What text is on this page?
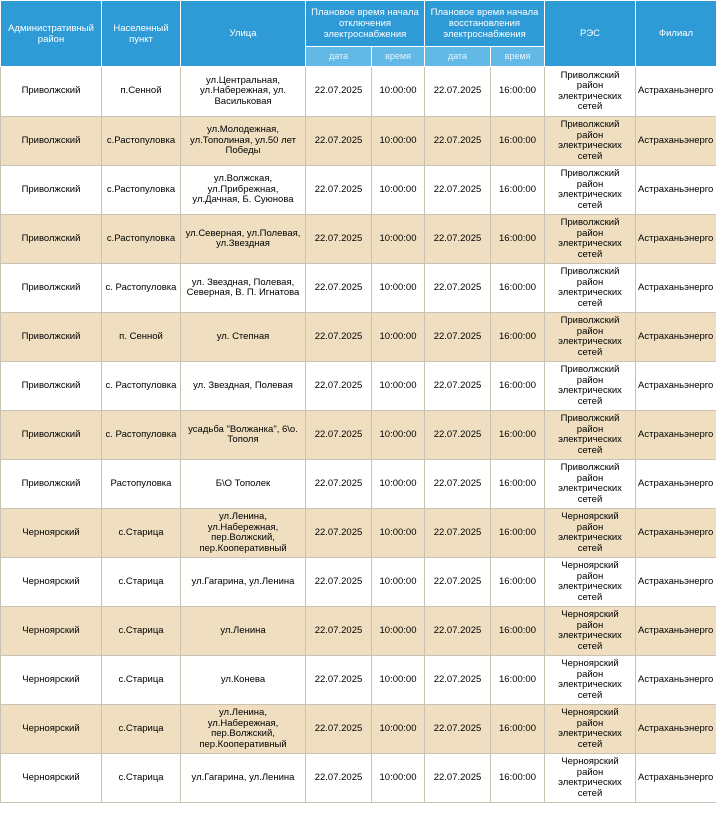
Административный район	Населенный пункт	Улица	Плановое время начала отключения электроснабжения		Плановое время начала восстановления электроснабжения		РЭС	Филиал
			дата	время	дата	время		
Приволжский	п.Сенной	ул.Центральная, ул.Набережная, ул. Васильковая	22.07.2025	10:00:00	22.07.2025	16:00:00	Приволжский район электрических сетей	Астраханьэнерго
Приволжский	с.Растопуловка	ул.Молодежная, ул.Тополиная, ул.50 лет Победы	22.07.2025	10:00:00	22.07.2025	16:00:00	Приволжский район электрических сетей	Астраханьэнерго
Приволжский	с.Растопуловка	ул.Волжская, ул.Прибрежная, ул.Дачная, Б. Суюнова	22.07.2025	10:00:00	22.07.2025	16:00:00	Приволжский район электрических сетей	Астраханьэнерго
Приволжский	с.Растопуловка	ул.Северная, ул.Полевая, ул.Звездная	22.07.2025	10:00:00	22.07.2025	16:00:00	Приволжский район электрических сетей	Астраханьэнерго
Приволжский	с. Растопуловка	ул. Звездная, Полевая, Северная, В. П. Игнатова	22.07.2025	10:00:00	22.07.2025	16:00:00	Приволжский район электрических сетей	Астраханьэнерго
Приволжский	п. Сенной	ул. Степная	22.07.2025	10:00:00	22.07.2025	16:00:00	Приволжский район электрических сетей	Астраханьэнерго
Приволжский	с. Растопуловка	ул. Звездная, Полевая	22.07.2025	10:00:00	22.07.2025	16:00:00	Приволжский район электрических сетей	Астраханьэнерго
Приволжский	с. Растопуловка	усадьба "Волжанка", 6\о. Тополя	22.07.2025	10:00:00	22.07.2025	16:00:00	Приволжский район электрических сетей	Астраханьэнерго
Приволжский	Растопуловка	Б\О Тополек	22.07.2025	10:00:00	22.07.2025	16:00:00	Приволжский район электрических сетей	Астраханьэнерго
Черноярский	с.Старица	ул.Ленина, ул.Набережная, пер.Волжский, пер.Кооперативный	22.07.2025	10:00:00	22.07.2025	16:00:00	Черноярский район электрических сетей	Астраханьэнерго
Черноярский	с.Старица	ул.Гагарина, ул.Ленина	22.07.2025	10:00:00	22.07.2025	16:00:00	Черноярский район электрических сетей	Астраханьэнерго
Черноярский	с.Старица	ул.Ленина	22.07.2025	10:00:00	22.07.2025	16:00:00	Черноярский район электрических сетей	Астраханьэнерго
Черноярский	с.Старица	ул.Конева	22.07.2025	10:00:00	22.07.2025	16:00:00	Черноярский район электрических сетей	Астраханьэнерго
Черноярский	с.Старица	ул.Ленина, ул.Набережная, пер.Волжский, пер.Кооперативный	22.07.2025	10:00:00	22.07.2025	16:00:00	Черноярский район электрических сетей	Астраханьэнерго
Черноярский	с.Старица	ул.Гагарина, ул.Ленина	22.07.2025	10:00:00	22.07.2025	16:00:00	Черноярский район электрических сетей	Астраханьэнерго
